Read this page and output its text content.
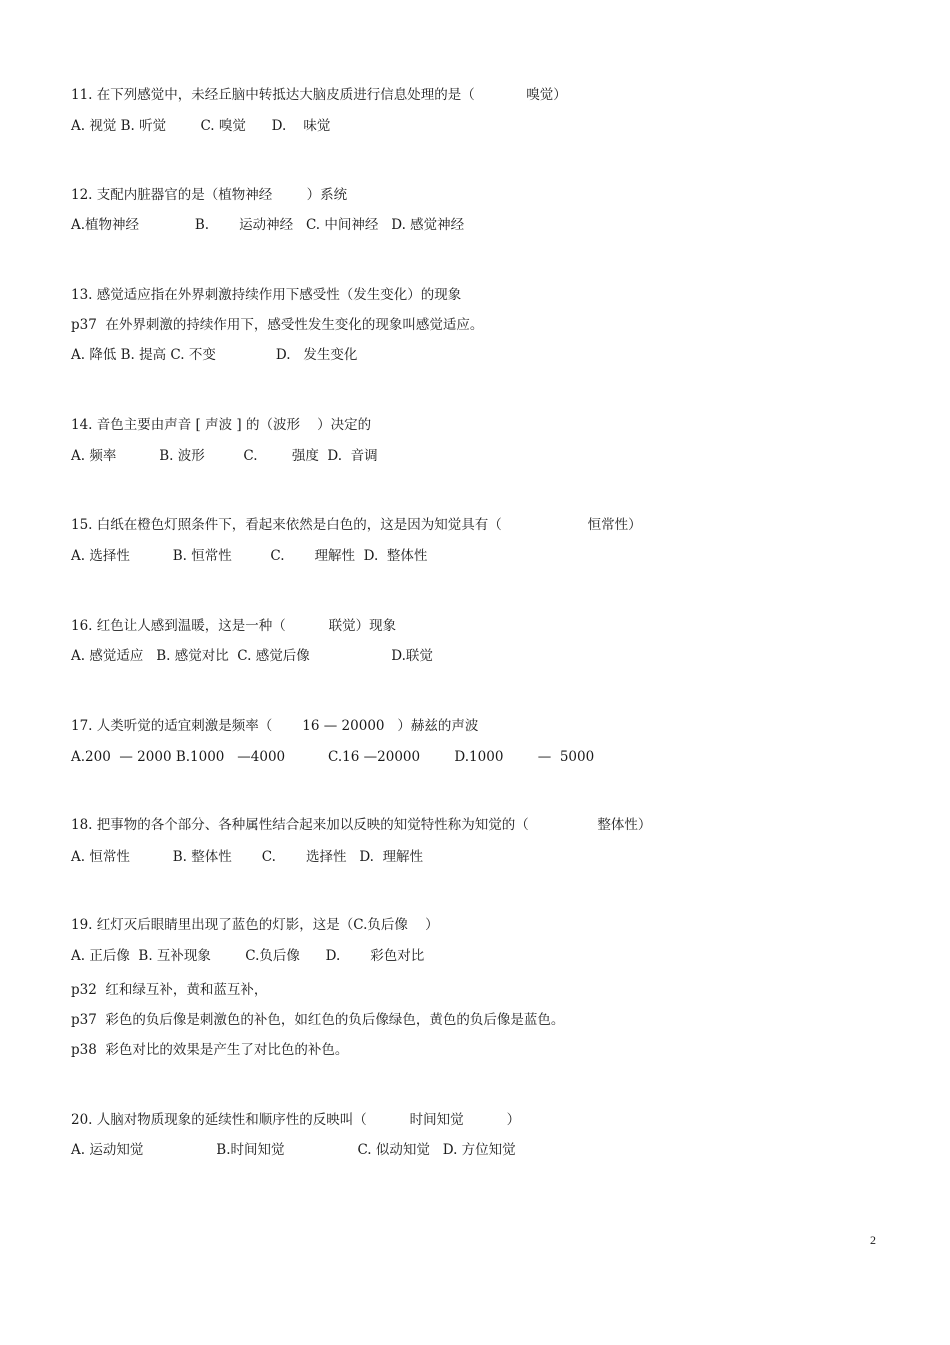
11. 在下列感觉中，未经丘脑中转抵达大脑皮质进行信息处理的是（            嗅觉）
A. 视觉 B. 听觉        C. 嗅觉      D.    味觉
12. 支配内脏器官的是（植物神经        ）系统
A.植物神经             B.       运动神经   C. 中间神经   D. 感觉神经
13. 感觉适应指在外界刺激持续作用下感受性（发生变化）的现象
p37  在外界刺激的持续作用下，感受性发生变化的现象叫感觉适应。
A. 降低 B. 提高 C. 不变              D.   发生变化
14. 音色主要由声音 [ 声波 ] 的（波形    ）决定的
A. 频率          B. 波形         C.        强度  D.  音调
15. 白纸在橙色灯照条件下，看起来依然是白色的，这是因为知觉具有（                    恒常性）
A. 选择性          B. 恒常性         C.       理解性  D.  整体性
16. 红色让人感到温暖，这是一种（          联觉）现象
A. 感觉适应   B. 感觉对比  C. 感觉后像                   D.联觉
17. 人类听觉的适宜刺激是频率（       16 — 20000   ）赫兹的声波
A.200  — 2000 B.1000   —4000          C.16 —20000        D.1000        —  5000
18. 把事物的各个部分、各种属性结合起来加以反映的知觉特性称为知觉的（                整体性）
A. 恒常性          B. 整体性       C.       选择性   D.  理解性
19. 红灯灭后眼睛里出现了蓝色的灯影，这是（C.负后像    ）
A. 正后像  B. 互补现象        C.负后像      D.       彩色对比
p32  红和绿互补，黄和蓝互补，
p37  彩色的负后像是刺激色的补色，如红色的负后像绿色，黄色的负后像是蓝色。
p38  彩色对比的效果是产生了对比色的补色。
20. 人脑对物质现象的延续性和顺序性的反映叫（          时间知觉          ）
A. 运动知觉                 B.时间知觉                 C. 似动知觉   D. 方位知觉
2
